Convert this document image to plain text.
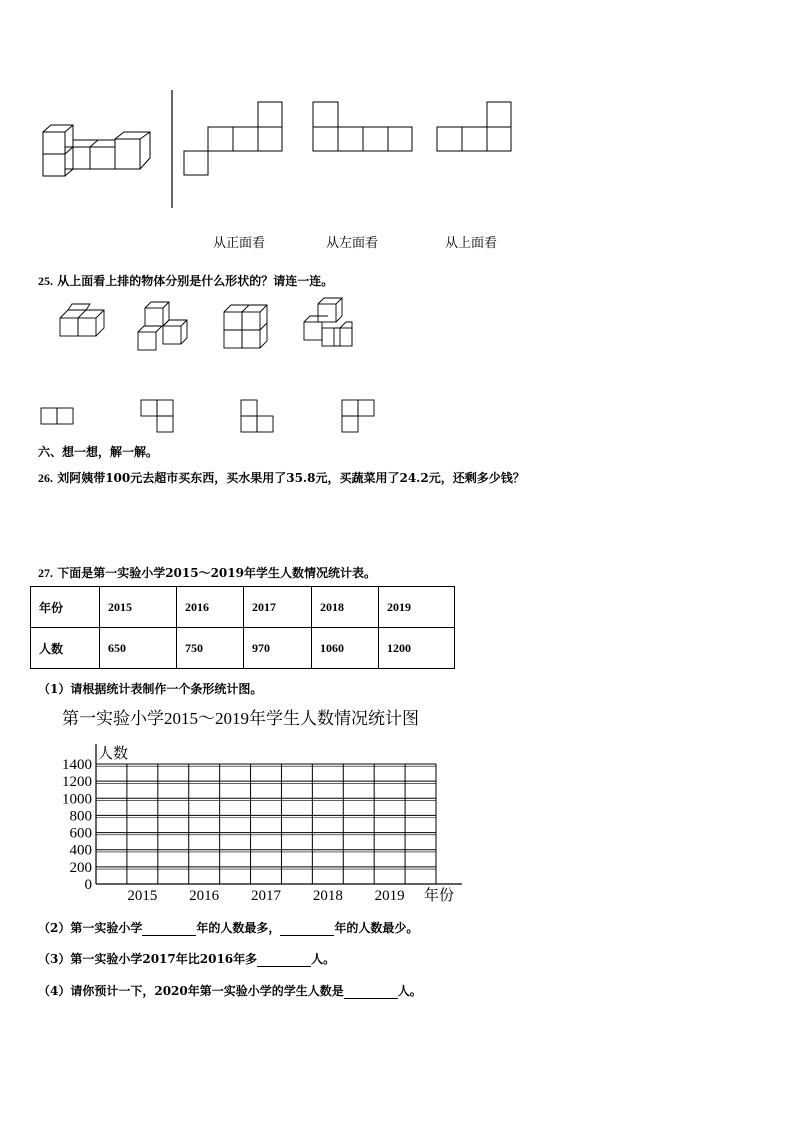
从正面看	从左面看	从上面看
25. 从上面看上排的物体分别是什么形状的？请连一连。
六、想一想，解一解。
26. 刘阿姨带100元去超市买东西，买水果用了35.8元，买蔬菜用了24.2元，还剩多少钱？
27. 下面是第一实验小学2015～2019年学生人数情况统计表。
年份	2015	2016	2017	2018	2019
人数	650	750	970	1060	1200
（1）请根据统计表制作一个条形统计图。
第一实验小学2015～2019年学生人数情况统计图
0
200
400
600
800
1000
1200
1400
2015 2016 2017 2018 2019
人数
年份
（2）第一实验小学	年的人数最多，	年的人数最少。
（3）第一实验小学2017年比2016年多	人。
（4）请你预计一下，2020年第一实验小学的学生人数是	人。
